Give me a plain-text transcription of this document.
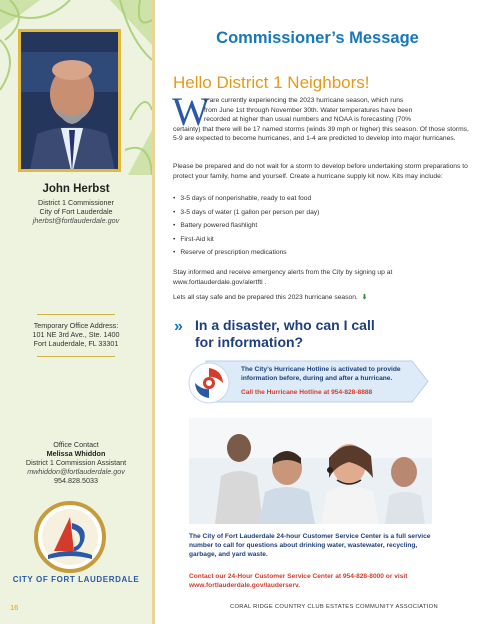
John Herbst
District 1 Commissioner
City of Fort Lauderdale
jherbst@fortlauderdale.gov
Temporary Office Address:
101 NE 3rd Ave., Ste. 1400
Fort Lauderdale, FL 33301
Office Contact
Melissa Whiddon
District 1 Commission Assistant
mwhiddon@fortlauderdale.gov
954.828.5033
CITY OF FORT LAUDERDALE
Commissioner’s Message
Hello District 1 Neighbors!
W
e are currently experiencing the 2023 hurricane season, which runs
from June 1st through November 30th. Water temperatures have been
recorded at higher than usual numbers and NOAA is forecasting (70%
certainty) that there will be 17 named storms (winds 39 mph or higher) this season. Of those storms, 5-9 are expected to become hurricanes, and 1-4 are predicted to develop into major hurricanes.
Please be prepared and do not wait for a storm to develop before undertaking storm preparations to protect your family, home and yourself. Create a hurricane supply kit now. Kits may include:
• 3-5 days of nonperishable, ready to eat food
• 3-5 days of water (1 gallon per person per day)
• Battery powered flashlight
• First-Aid kit
• Reserve of prescription medications
Stay informed and receive emergency alerts from the City by signing up at www.fortlauderdale.gov/alertftl .
Lets all stay safe and be prepared this 2023 hurricane season. ⬇
» In a disaster, who can I call
for information?
The City’s Hurricane Hotline is activated to provide information before, during and after a hurricane.
Call the Hurricane Hotline at 954-828-8888
The City of Fort Lauderdale 24-hour Customer Service Center is a full service number to call for questions about drinking water, wastewater, recycling, garbage, and yard waste.
Contact our 24-Hour Customer Service Center at 954-828-8000 or visit www.fortlauderdale.gov/lauderserv.
16	CORAL RIDGE COUNTRY CLUB ESTATES COMMUNITY ASSOCIATION
